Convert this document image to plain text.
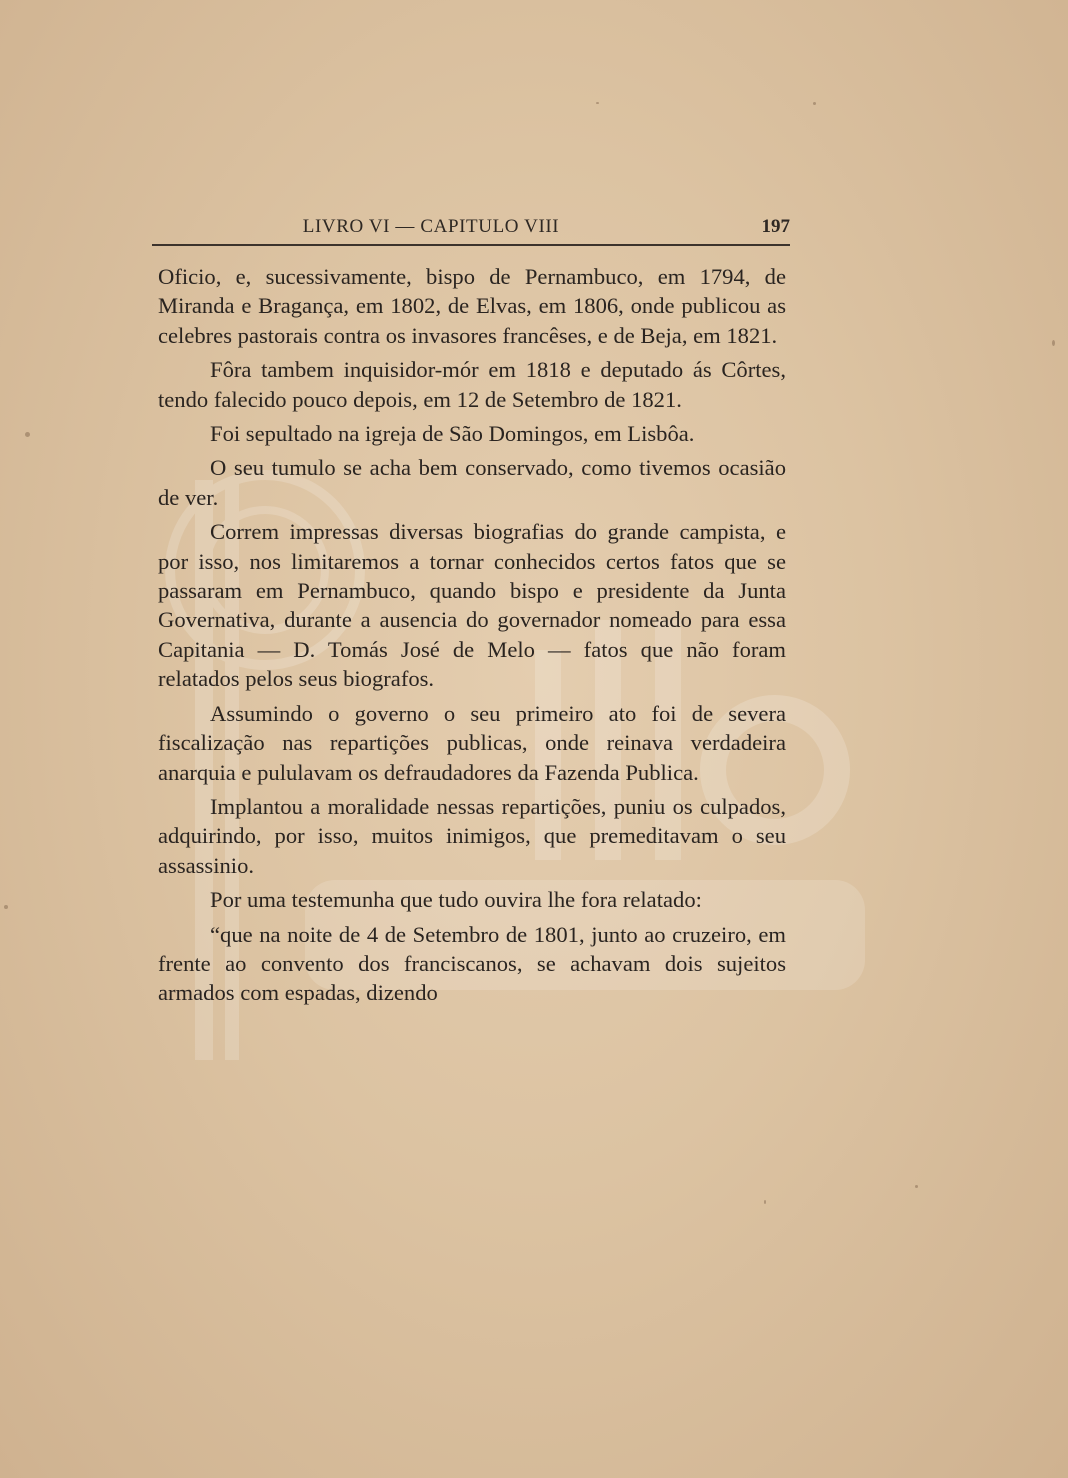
LIVRO VI — CAPITULO VIII	197

Oficio, e, sucessivamente, bispo de Pernambuco, em 1794, de Miranda e Bragança, em 1802, de Elvas, em 1806, onde publicou as celebres pastorais contra os invasores francêses, e de Beja, em 1821.

Fôra tambem inquisidor-mór em 1818 e deputado ás Côrtes, tendo falecido pouco depois, em 12 de Setembro de 1821.

Foi sepultado na igreja de São Domingos, em Lisbôa.

O seu tumulo se acha bem conservado, como tivemos ocasião de ver.

Correm impressas diversas biografias do grande campista, e por isso, nos limitaremos a tornar conhecidos certos fatos que se passaram em Pernambuco, quando bispo e presidente da Junta Governativa, durante a ausencia do governador nomeado para essa Capitania — D. Tomás José de Melo — fatos que não foram relatados pelos seus biografos.

Assumindo o governo o seu primeiro ato foi de severa fiscalização nas repartições publicas, onde reinava verdadeira anarquia e pululavam os defraudadores da Fazenda Publica.

Implantou a moralidade nessas repartições, puniu os culpados, adquirindo, por isso, muitos inimigos, que premeditavam o seu assassinio.

Por uma testemunha que tudo ouvira lhe fora relatado:

“que na noite de 4 de Setembro de 1801, junto ao cruzeiro, em frente ao convento dos franciscanos, se achavam dois sujeitos armados com espadas, dizendo
